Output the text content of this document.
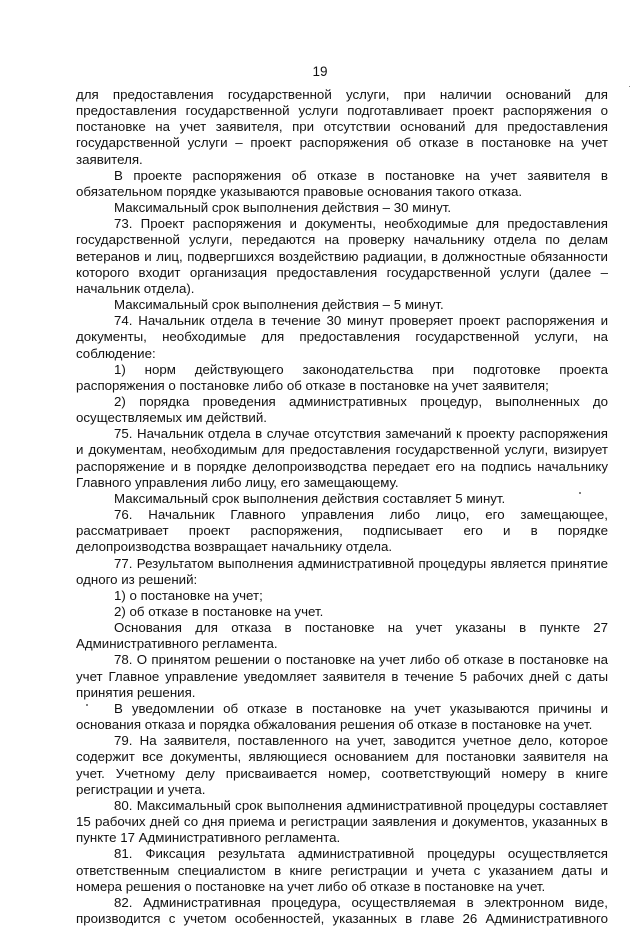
19

для предоставления государственной услуги, при наличии оснований для предоставления государственной услуги подготавливает проект распоряжения о постановке на учет заявителя, при отсутствии оснований для предоставления государственной услуги – проект распоряжения об отказе в постановке на учет заявителя.

В проекте распоряжения об отказе в постановке на учет заявителя в обязательном порядке указываются правовые основания такого отказа.

Максимальный срок выполнения действия – 30 минут.

73. Проект распоряжения и документы, необходимые для предоставления государственной услуги, передаются на проверку начальнику отдела по делам ветеранов и лиц, подвергшихся воздействию радиации, в должностные обязанности которого входит организация предоставления государственной услуги (далее – начальник отдела).

Максимальный срок выполнения действия – 5 минут.

74. Начальник отдела в течение 30 минут проверяет проект распоряжения и документы, необходимые для предоставления государственной услуги, на соблюдение:

1) норм действующего законодательства при подготовке проекта распоряжения о постановке либо об отказе в постановке на учет заявителя;

2) порядка проведения административных процедур, выполненных до осуществляемых им действий.

75. Начальник отдела в случае отсутствия замечаний к проекту распоряжения и документам, необходимым для предоставления государственной услуги, визирует распоряжение и в порядке делопроизводства передает его на подпись начальнику Главного управления либо лицу, его замещающему.

Максимальный срок выполнения действия составляет 5 минут.

76. Начальник Главного управления либо лицо, его замещающее, рассматривает проект распоряжения, подписывает его и в порядке делопроизводства возвращает начальнику отдела.

77. Результатом выполнения административной процедуры является принятие одного из решений:

1) о постановке на учет;

2) об отказе в постановке на учет.

Основания для отказа в постановке на учет указаны в пункте 27 Административного регламента.

78. О принятом решении о постановке на учет либо об отказе в постановке на учет Главное управление уведомляет заявителя в течение 5 рабочих дней с даты принятия решения.

В уведомлении об отказе в постановке на учет указываются причины и основания отказа и порядка обжалования решения об отказе в постановке на учет.

79. На заявителя, поставленного на учет, заводится учетное дело, которое содержит все документы, являющиеся основанием для постановки заявителя на учет. Учетному делу присваивается номер, соответствующий номеру в книге регистрации и учета.

80. Максимальный срок выполнения административной процедуры составляет 15 рабочих дней со дня приема и регистрации заявления и документов, указанных в пункте 17 Административного регламента.

81. Фиксация результата административной процедуры осуществляется ответственным специалистом в книге регистрации и учета с указанием даты и номера решения о постановке на учет либо об отказе в постановке на учет.

82. Административная процедура, осуществляемая в электронном виде, производится с учетом особенностей, указанных в главе 26 Административного
